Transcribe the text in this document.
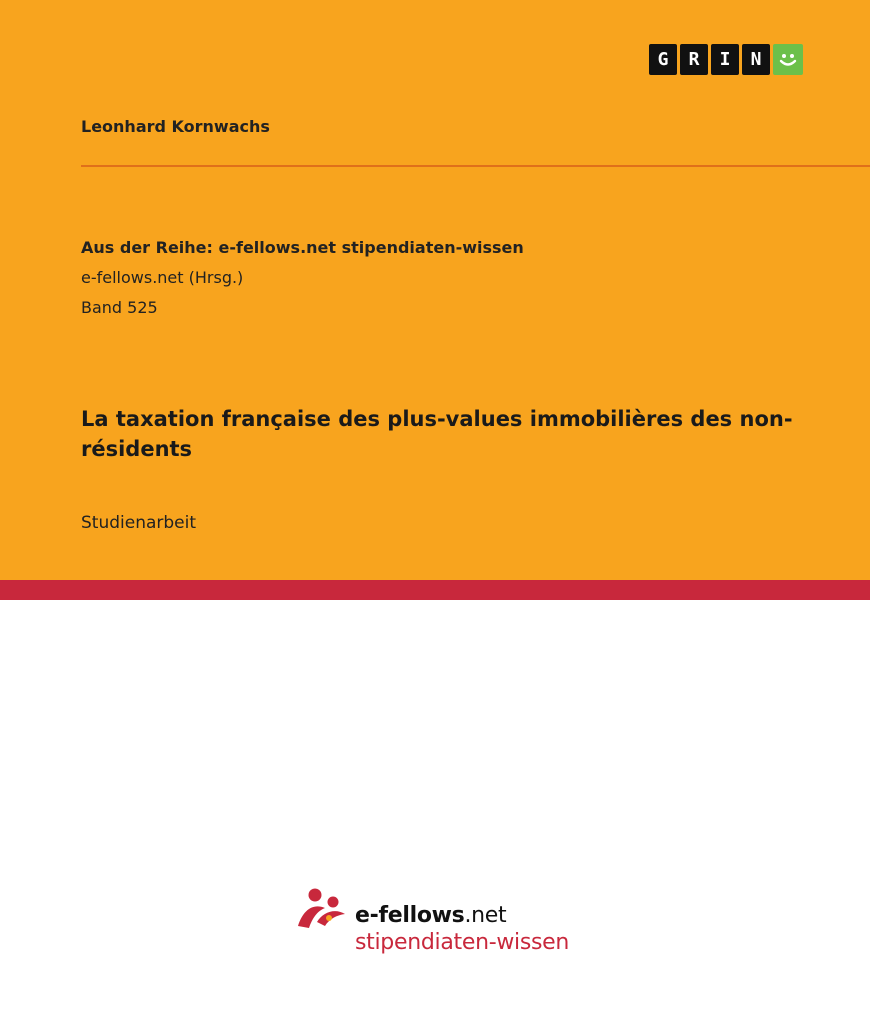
G	R	I	N
Leonhard Kornwachs
Aus der Reihe: e-fellows.net stipendiaten-wissen
e-fellows.net (Hrsg.)
Band 525
La taxation française des plus-values immobilières des non-résidents
Studienarbeit
e-fellows.net
stipendiaten-wissen
